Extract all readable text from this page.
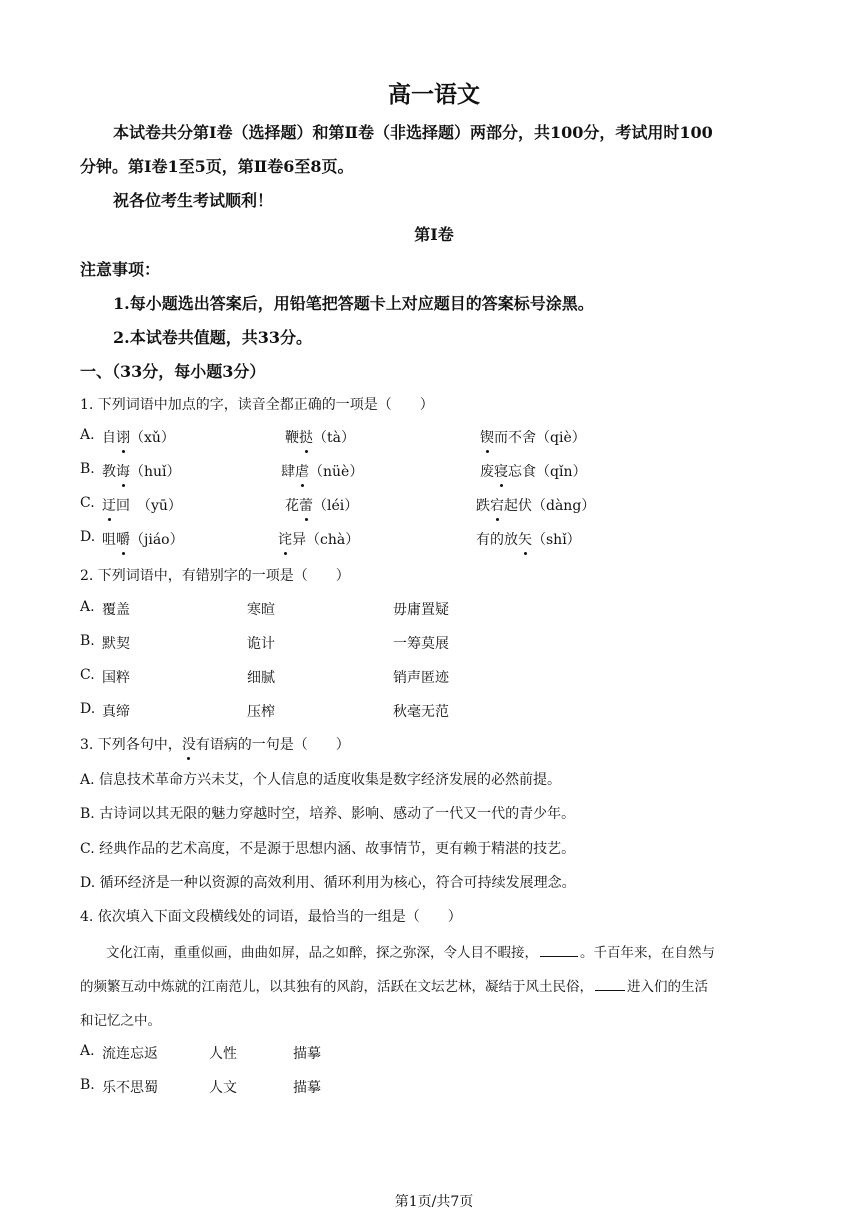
高一语文
本试卷共分第Ⅰ卷（选择题）和第Ⅱ卷（非选择题）两部分，共100分，考试用时100
分钟。第Ⅰ卷1至5页，第Ⅱ卷6至8页。
祝各位考生考试顺利！
第Ⅰ卷
注意事项：
1.每小题选出答案后，用铅笔把答题卡上对应题目的答案标号涂黑。
2.本试卷共值题，共33分。
一、（33分，每小题3分）
1. 下列词语中加点的字，读音全都正确的一项是（　　）
A. 自诩（xǔ）	鞭挞（tà）	锲而不舍（qiè）
B. 教诲（huǐ）	肆虐（nüè）	废寝忘食（qǐn）
C. 迂回　（yū）	花蕾（léi）	跌宕起伏（dàng）
D. 咀嚼（jiáo）	诧异（chà）	有的放矢（shǐ）
2. 下列词语中，有错别字的一项是（　　）
A. 覆盖	寒暄	毋庸置疑
B. 默契	诡计	一筹莫展
C. 国粹	细腻	销声匿迹
D. 真缔	压榨	秋毫无范
3. 下列各句中，没有语病的一句是（　　）
A. 信息技术革命方兴未艾，个人信息的适度收集是数字经济发展的必然前提。
B. 古诗词以其无限的魅力穿越时空，培养、影响、感动了一代又一代的青少年。
C. 经典作品的艺术高度，不是源于思想内涵、故事情节，更有赖于精湛的技艺。
D. 循环经济是一种以资源的高效利用、循环利用为核心，符合可持续发展理念。
4. 依次填入下面文段横线处的词语，最恰当的一组是（　　）
文化江南，重重似画，曲曲如屏，品之如醉，探之弥深，令人目不暇接，	。千百年来，在自然与
的频繁互动中炼就的江南范儿，以其独有的风韵，活跃在文坛艺林，凝结于风土民俗，	进入们的生活
和记忆之中。
A. 流连忘返	人性	描摹
B. 乐不思蜀	人文	描摹
第1页/共7页
